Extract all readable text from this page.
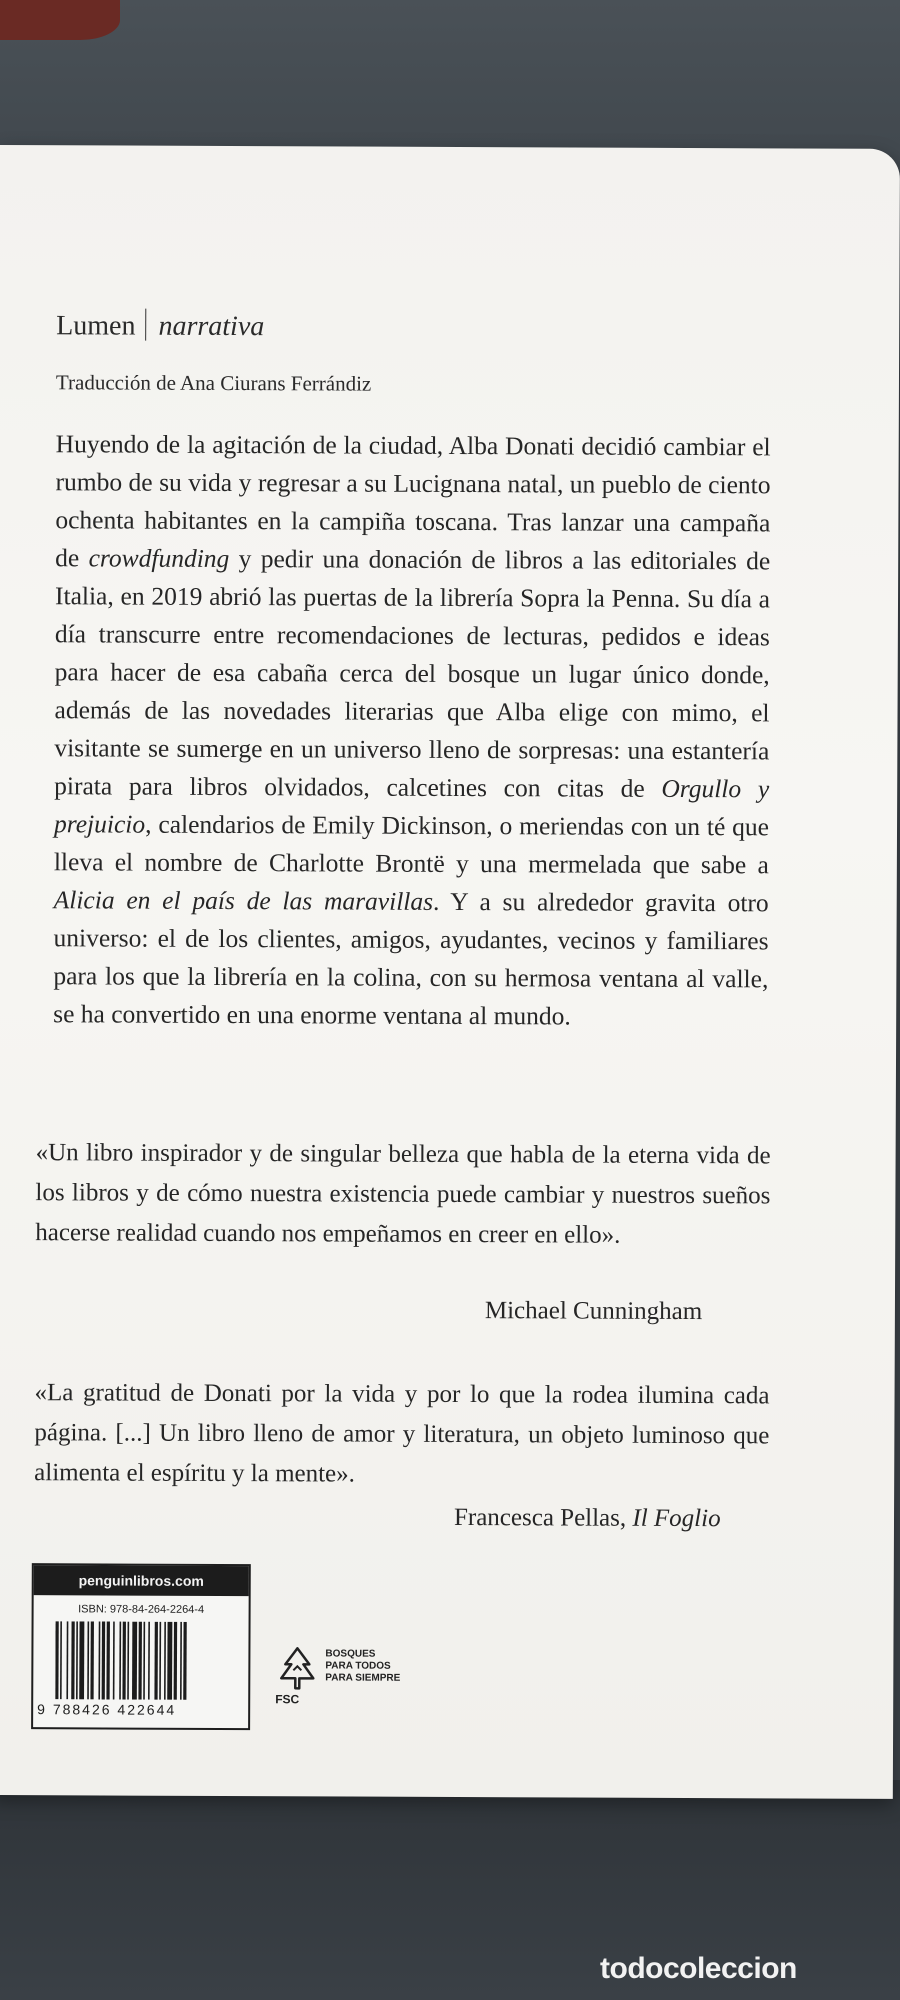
Lumen narrativa
Traducción de Ana Ciurans Ferrándiz

Huyendo de la agitación de la ciudad, Alba Donati decidió cambiar el rumbo de su vida y regresar a su Lucignana natal, un pueblo de ciento ochenta habitantes en la campiña toscana. Tras lanzar una campaña de crowdfunding y pedir una donación de libros a las editoriales de Italia, en 2019 abrió las puertas de la librería Sopra la Penna. Su día a día transcurre entre recomendaciones de lecturas, pedidos e ideas para hacer de esa cabaña cerca del bosque un lugar único donde, además de las novedades literarias que Alba elige con mimo, el visitante se sumerge en un universo lleno de sorpresas: una estantería pirata para libros olvidados, calcetines con citas de Orgullo y prejuicio, calendarios de Emily Dickinson, o meriendas con un té que lleva el nombre de Charlotte Brontë y una mermelada que sabe a Alicia en el país de las maravillas. Y a su alrededor gravita otro universo: el de los clientes, amigos, ayudantes, vecinos y familiares para los que la librería en la colina, con su hermosa ventana al valle, se ha convertido en una enorme ventana al mundo.

«Un libro inspirador y de singular belleza que habla de la eterna vida de los libros y de cómo nuestra existencia puede cambiar y nuestros sueños hacerse realidad cuando nos empeñamos en creer en ello».
Michael Cunningham
«La gratitud de Donati por la vida y por lo que la rodea ilumina cada página. [...] Un libro lleno de amor y literatura, un objeto luminoso que alimenta el espíritu y la mente».
Francesca Pellas, Il Foglio
penguinlibros.com
ISBN: 978-84-264-2264-4
9 788426 422644
BOSQUES
PARA TODOS
PARA SIEMPRE
FSC
todocoleccion
